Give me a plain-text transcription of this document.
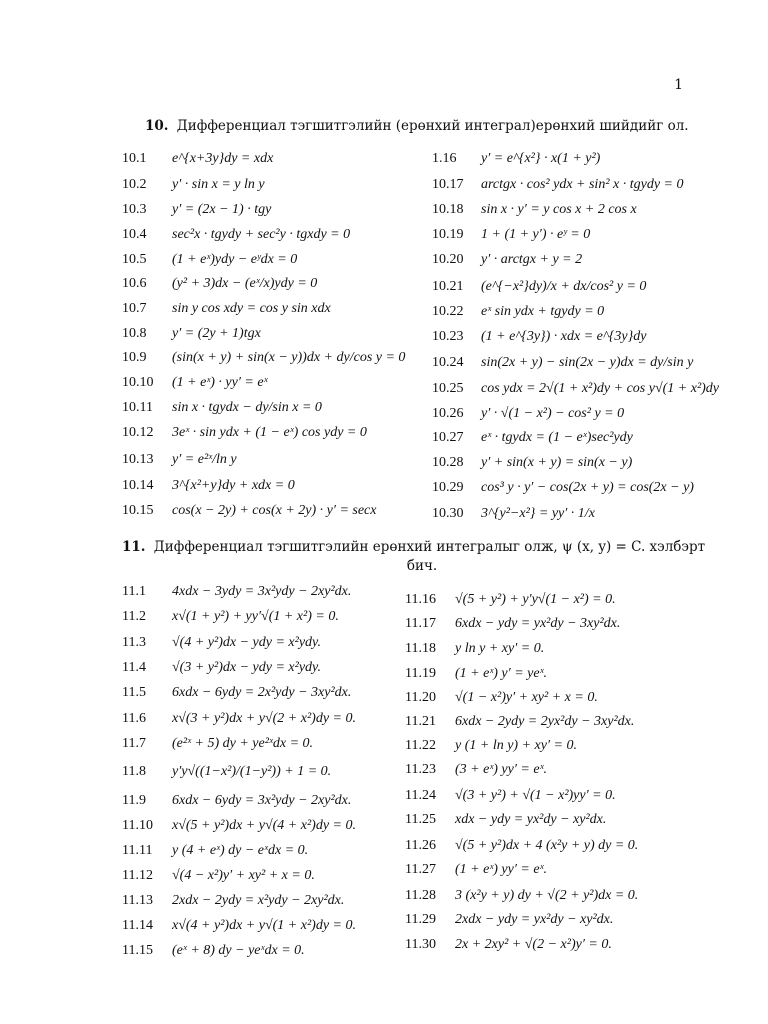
1
10. Дифференциал тэгшитгэлийн (ерөнхий интеграл)ерөнхий шийдийг ол.
10.1	e^{x+3y}dy = xdx
10.2	y′ · sin x = y ln y
10.3	y′ = (2x − 1) · tgy
10.4	sec²x · tgydy + sec²y · tgxdy = 0
10.5	(1 + eˣ)ydy − eʸdx = 0
10.6	(y² + 3)dx − (eˣ/x)ydy = 0
10.7	sin y cos xdy = cos y sin xdx
10.8	y′ = (2y + 1)tgx
10.9	(sin(x + y) + sin(x − y))dx + dy/cos y = 0
10.10	(1 + eˣ) · yy′ = eˣ
10.11	sin x · tgydx − dy/sin x = 0
10.12	3eˣ · sin ydx + (1 − eˣ) cos ydy = 0
10.13	y′ = e²ˣ/ln y
10.14	3^{x²+y}dy + xdx = 0
10.15	cos(x − 2y) + cos(x + 2y) · y′ = secx
1.16	y′ = e^{x²} · x(1 + y²)
10.17	arctgx · cos² ydx + sin² x · tgydy = 0
10.18	sin x · y′ = y cos x + 2 cos x
10.19	1 + (1 + y′) · eʸ = 0
10.20	y′ · arctgx + y = 2
10.21	(e^{−x²}dy)/x + dx/cos² y = 0
10.22	eˣ sin ydx + tgydy = 0
10.23	(1 + e^{3y}) · xdx = e^{3y}dy
10.24	sin(2x + y) − sin(2x − y)dx = dy/sin y
10.25	cos ydx = 2√(1 + x²)dy + cos y√(1 + x²)dy
10.26	y′ · √(1 − x²) − cos² y = 0
10.27	eˣ · tgydx = (1 − eˣ)sec²ydy
10.28	y′ + sin(x + y) = sin(x − y)
10.29	cos³ y · y′ − cos(2x + y) = cos(2x − y)
10.30	3^{y²−x²} = yy′ · 1/x
11. Дифференциал тэгшитгэлийн ерөнхий интегралыг олж, ψ (x, y) = C. хэлбэрт
бич.
11.1	4xdx − 3ydy = 3x²ydy − 2xy²dx.
11.2	x√(1 + y²) + yy′√(1 + x²) = 0.
11.3	√(4 + y²)dx − ydy = x²ydy.
11.4	√(3 + y²)dx − ydy = x²ydy.
11.5	6xdx − 6ydy = 2x²ydy − 3xy²dx.
11.6	x√(3 + y²)dx + y√(2 + x²)dy = 0.
11.7	(e²ˣ + 5) dy + ye²ˣdx = 0.
11.8	y′y√((1−x²)/(1−y²)) + 1 = 0.
11.9	6xdx − 6ydy = 3x²ydy − 2xy²dx.
11.10	x√(5 + y²)dx + y√(4 + x²)dy = 0.
11.11	y (4 + eˣ) dy − eˣdx = 0.
11.12	√(4 − x²)y′ + xy² + x = 0.
11.13	2xdx − 2ydy = x²ydy − 2xy²dx.
11.14	x√(4 + y²)dx + y√(1 + x²)dy = 0.
11.15	(eˣ + 8) dy − yeˣdx = 0.
11.16	√(5 + y²) + y′y√(1 − x²) = 0.
11.17	6xdx − ydy = yx²dy − 3xy²dx.
11.18	y ln y + xy′ = 0.
11.19	(1 + eˣ) y′ = yeˣ.
11.20	√(1 − x²)y′ + xy² + x = 0.
11.21	6xdx − 2ydy = 2yx²dy − 3xy²dx.
11.22	y (1 + ln y) + xy′ = 0.
11.23	(3 + eˣ) yy′ = eˣ.
11.24	√(3 + y²) + √(1 − x²)yy′ = 0.
11.25	xdx − ydy = yx²dy − xy²dx.
11.26	√(5 + y²)dx + 4 (x²y + y) dy = 0.
11.27	(1 + eˣ) yy′ = eˣ.
11.28	3 (x²y + y) dy + √(2 + y²)dx = 0.
11.29	2xdx − ydy = yx²dy − xy²dx.
11.30	2x + 2xy² + √(2 − x²)y′ = 0.
